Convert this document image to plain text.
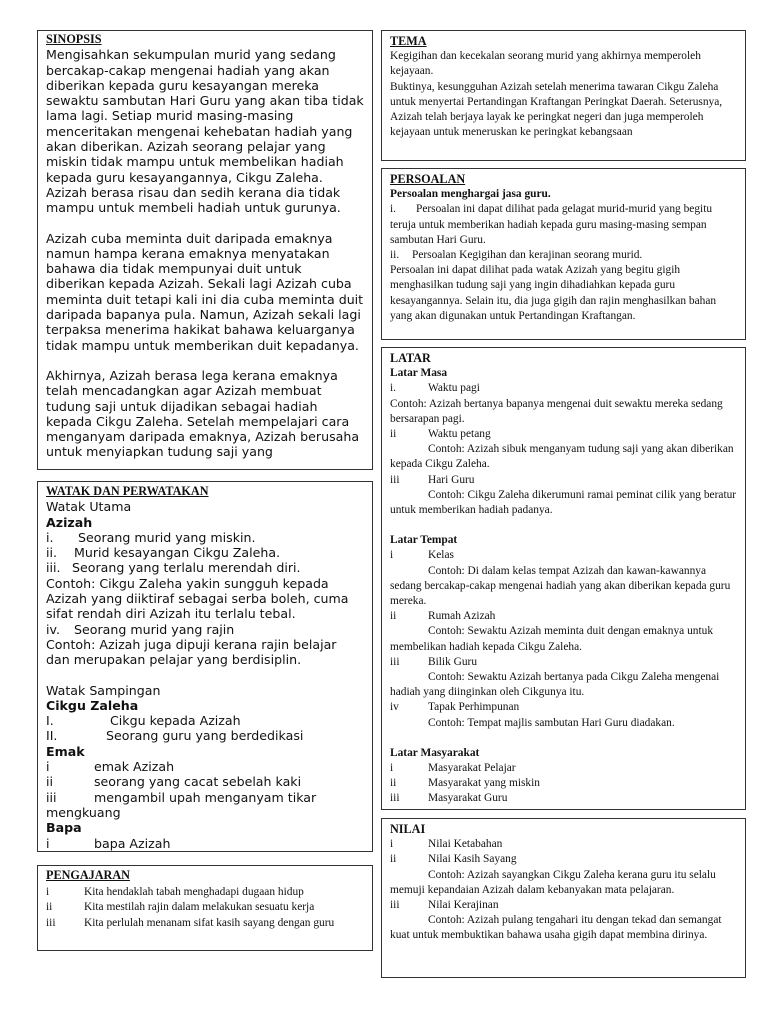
SINOPSIS

Mengisahkan sekumpulan murid yang sedang bercakap-cakap mengenai hadiah yang akan diberikan kepada guru kesayangan mereka sewaktu sambutan Hari Guru yang akan tiba tidak lama lagi. Setiap murid masing-masing menceritakan mengenai kehebatan hadiah yang akan diberikan. Azizah seorang pelajar yang miskin tidak mampu untuk membelikan hadiah kepada guru kesayangannya, Cikgu Zaleha. Azizah berasa risau dan sedih kerana dia tidak mampu untuk membeli hadiah untuk gurunya.

Azizah cuba meminta duit daripada emaknya namun hampa kerana emaknya menyatakan bahawa dia tidak mempunyai duit untuk diberikan kepada Azizah. Sekali lagi Azizah cuba meminta duit tetapi kali ini dia cuba meminta duit daripada bapanya pula. Namun, Azizah sekali lagi terpaksa menerima hakikat bahawa keluarganya tidak mampu untuk memberikan duit kepadanya.

Akhirnya, Azizah berasa lega kerana emaknya telah mencadangkan agar Azizah membuat tudung saji untuk dijadikan sebagai hadiah kepada Cikgu Zaleha. Setelah mempelajari cara menganyam daripada emaknya, Azizah berusaha untuk menyiapkan tudung saji yang

WATAK DAN PERWATAKAN

Watak Utama

Azizah

i. Seorang murid yang miskin.

ii. Murid kesayangan Cikgu Zaleha.

iii. Seorang yang terlalu merendah diri.

Contoh: Cikgu Zaleha yakin sungguh kepada Azizah yang diiktiraf sebagai serba boleh, cuma sifat rendah diri Azizah itu terlalu tebal.

iv. Seorang murid yang rajin

Contoh: Azizah juga dipuji kerana rajin belajar dan merupakan pelajar yang berdisiplin.

Watak Sampingan

Cikgu Zaleha

I.	Cikgu kepada Azizah

II.	Seorang guru yang berdedikasi

Emak

i	emak Azizah

ii	seorang yang cacat sebelah kaki

iii	mengambil upah menganyam tikar mengkuang

Bapa

i	bapa Azizah

PENGAJARAN

i	Kita hendaklah tabah menghadapi dugaan hidup

ii	Kita mestilah rajin dalam melakukan sesuatu kerja

iii	Kita perlulah menanam sifat kasih sayang dengan guru

TEMA

Kegigihan dan kecekalan seorang murid yang akhirnya memperoleh kejayaan.

Buktinya, kesungguhan Azizah setelah menerima tawaran Cikgu Zaleha untuk menyertai Pertandingan Kraftangan Peringkat Daerah. Seterusnya, Azizah telah berjaya layak ke peringkat negeri dan juga memperoleh kejayaan untuk meneruskan ke peringkat kebangsaan

PERSOALAN

Persoalan menghargai jasa guru.

i. Persoalan ini dapat dilihat pada gelagat murid-murid yang begitu teruja untuk memberikan hadiah kepada guru masing-masing sempan sambutan Hari Guru.

ii. Persoalan Kegigihan dan kerajinan seorang murid.

Persoalan ini dapat dilihat pada watak Azizah yang begitu gigih menghasilkan tudung saji yang ingin dihadiahkan kepada guru kesayangannya. Selain itu, dia juga gigih dan rajin menghasilkan bahan yang akan digunakan untuk Pertandingan Kraftangan.

LATAR

Latar Masa

i.	Waktu pagi

Contoh: Azizah bertanya bapanya mengenai duit sewaktu mereka sedang bersarapan pagi.

ii	Waktu petang

Contoh: Azizah sibuk menganyam tudung saji yang akan diberikan kepada Cikgu Zaleha.

iii	Hari Guru

Contoh: Cikgu Zaleha dikerumuni ramai peminat cilik yang beratur untuk memberikan hadiah padanya.

Latar Tempat

i	Kelas

Contoh: Di dalam kelas tempat Azizah dan kawan-kawannya sedang bercakap-cakap mengenai hadiah yang akan diberikan kepada guru mereka.

ii	Rumah Azizah

Contoh: Sewaktu Azizah meminta duit dengan emaknya untuk membelikan hadiah kepada Cikgu Zaleha.

iii	Bilik Guru

Contoh: Sewaktu Azizah bertanya pada Cikgu Zaleha mengenai hadiah yang diinginkan oleh Cikgunya itu.

iv	Tapak Perhimpunan

Contoh: Tempat majlis sambutan Hari Guru diadakan.

Latar Masyarakat

i	Masyarakat Pelajar

ii	Masyarakat yang miskin

iii	Masyarakat Guru

NILAI

i	Nilai Ketabahan

ii	Nilai Kasih Sayang

Contoh: Azizah sayangkan Cikgu Zaleha kerana guru itu selalu memuji kepandaian Azizah dalam kebanyakan mata pelajaran.

iii	Nilai Kerajinan

Contoh: Azizah pulang tengahari itu dengan tekad dan semangat kuat untuk membuktikan bahawa usaha gigih dapat membina dirinya.
